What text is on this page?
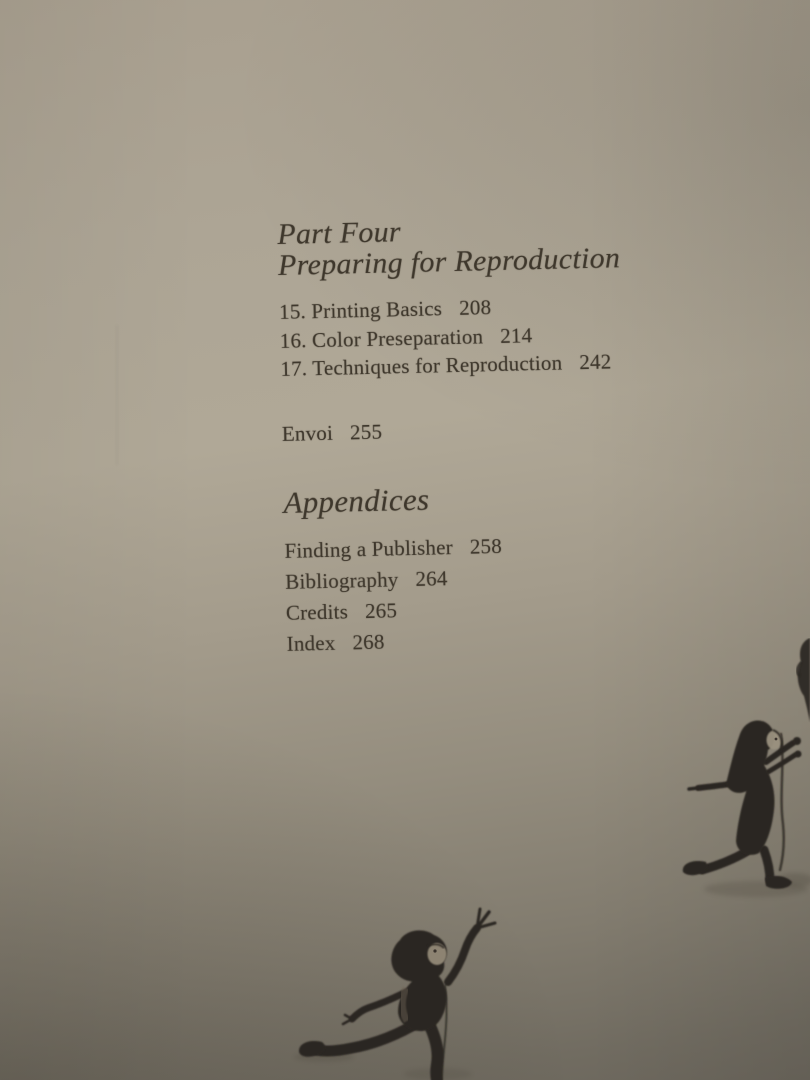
Part Four
Preparing for Reproduction
15. Printing Basics 208
16. Color Preseparation 214
17. Techniques for Reproduction 242
Envoi 255
Appendices
Finding a Publisher 258
Bibliography 264
Credits 265
Index 268
